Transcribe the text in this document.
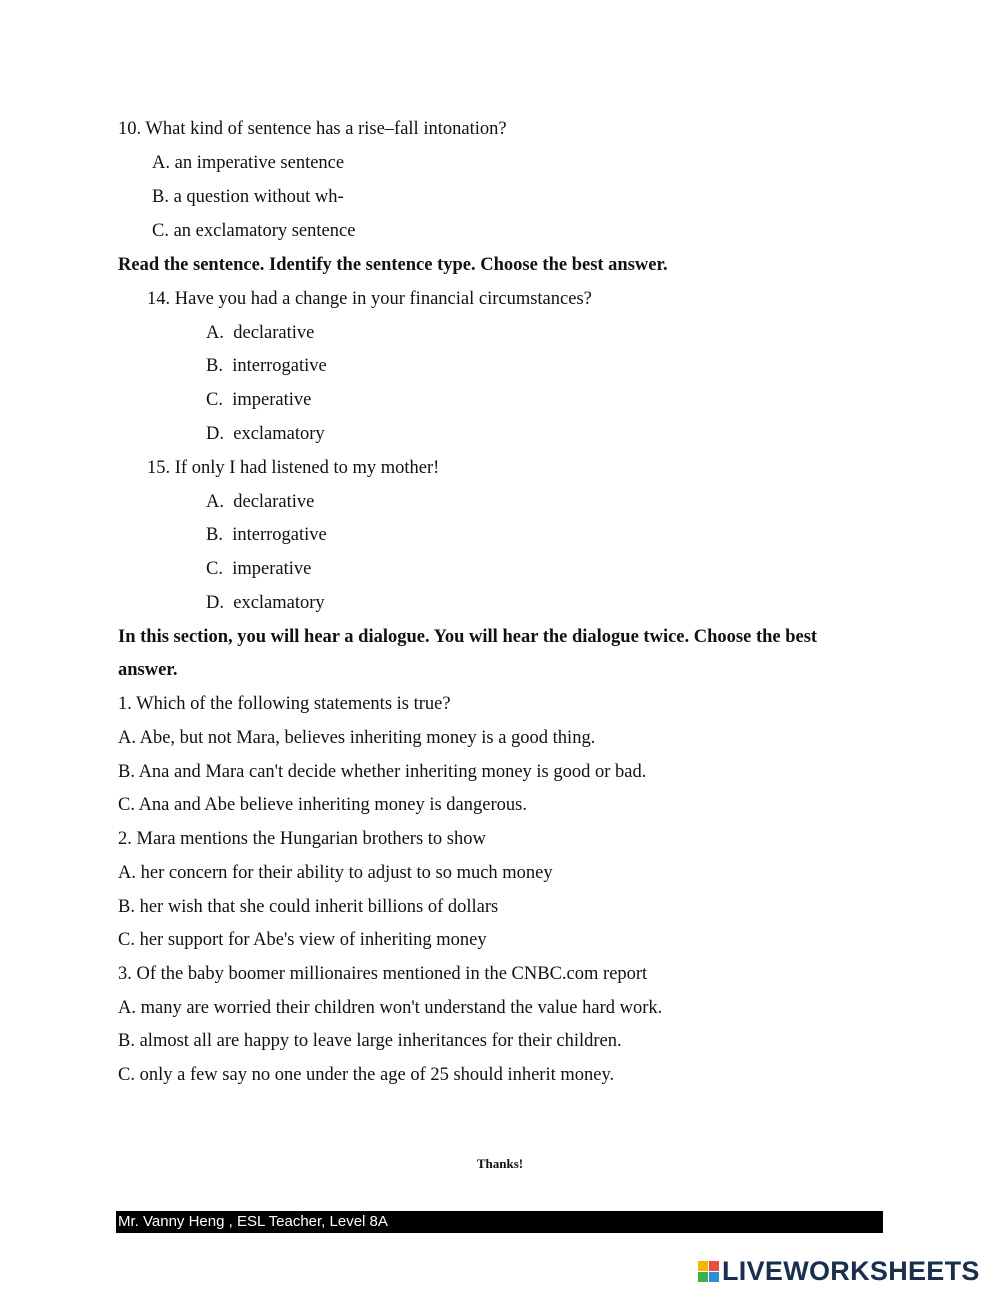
10. What kind of sentence has a rise–fall intonation?
A. an imperative sentence
B. a question without wh-
C. an exclamatory sentence
Read the sentence. Identify the sentence type. Choose the best answer.
14. Have you had a change in your financial circumstances?
A. declarative
B. interrogative
C. imperative
D. exclamatory
15. If only I had listened to my mother!
A. declarative
B. interrogative
C. imperative
D. exclamatory
In this section, you will hear a dialogue. You will hear the dialogue twice. Choose the best
answer.
1. Which of the following statements is true?
A. Abe, but not Mara, believes inheriting money is a good thing.
B. Ana and Mara can't decide whether inheriting money is good or bad.
C. Ana and Abe believe inheriting money is dangerous.
2. Mara mentions the Hungarian brothers to show
A. her concern for their ability to adjust to so much money
B. her wish that she could inherit billions of dollars
C. her support for Abe's view of inheriting money
3. Of the baby boomer millionaires mentioned in the CNBC.com report
A. many are worried their children won't understand the value hard work.
B. almost all are happy to leave large inheritances for their children.
C. only a few say no one under the age of 25 should inherit money.
Thanks!
Mr. Vanny Heng , ESL Teacher, Level 8A
LIVEWORKSHEETS
